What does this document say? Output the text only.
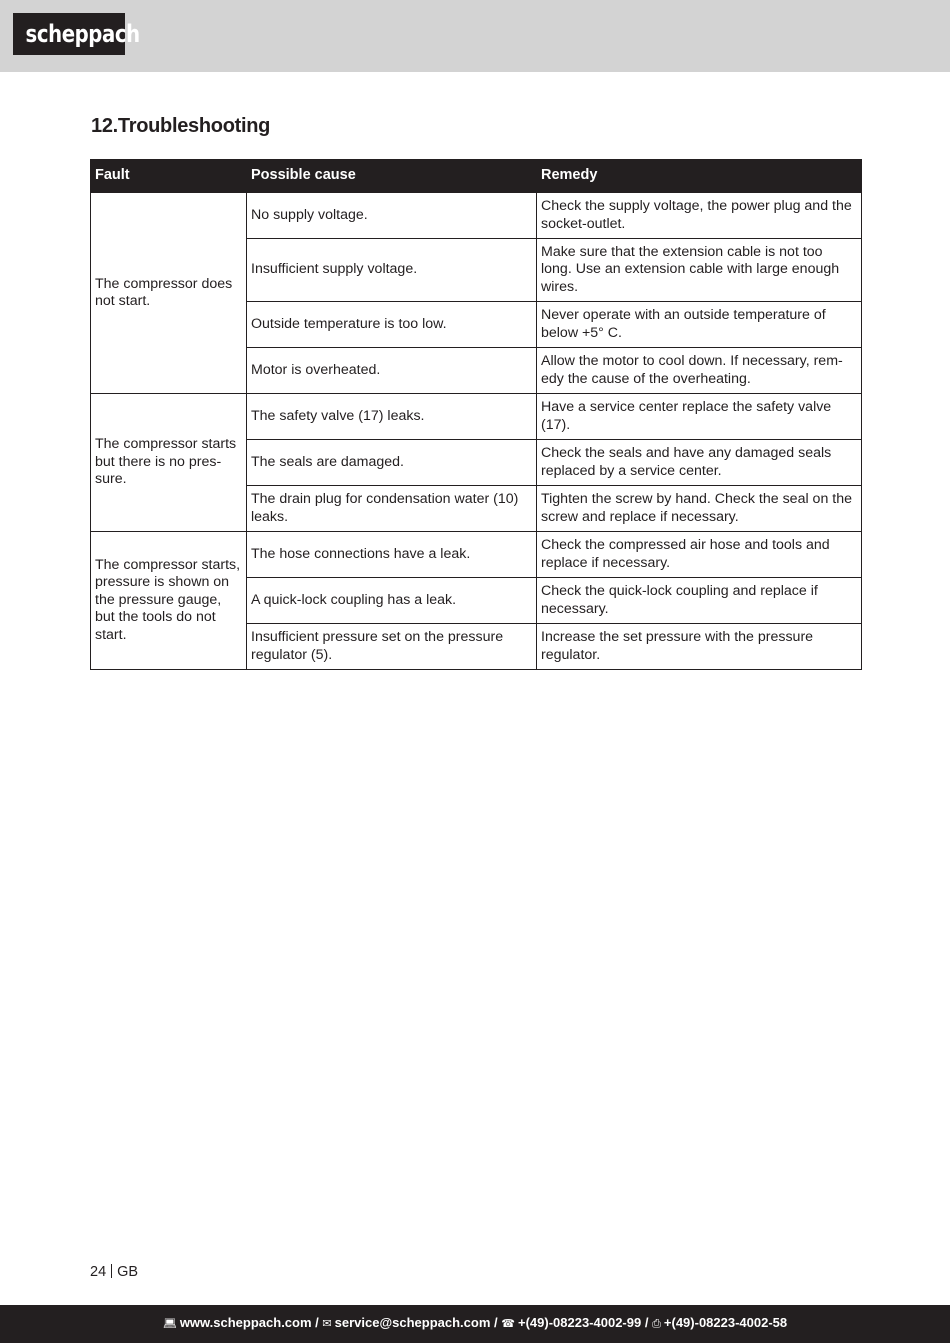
scheppach
12.Troubleshooting
Fault	Possible cause	Remedy
The compressor does not start.	No supply voltage.	Check the supply voltage, the power plug and the socket-outlet.
	Insufficient supply voltage.	Make sure that the extension cable is not too long. Use an extension cable with large enough wires.
	Outside temperature is too low.	Never operate with an outside temperature of below +5° C.
	Motor is overheated.	Allow the motor to cool down. If necessary, rem-edy the cause of the overheating.
The compressor starts but there is no pres-sure.	The safety valve (17) leaks.	Have a service center replace the safety valve (17).
	The seals are damaged.	Check the seals and have any damaged seals replaced by a service center.
	The drain plug for condensation water (10) leaks.	Tighten the screw by hand. Check the seal on the screw and replace if necessary.
The compressor starts, pressure is shown on the pressure gauge, but the tools do not start.	The hose connections have a leak.	Check the compressed air hose and tools and replace if necessary.
	A quick-lock coupling has a leak.	Check the quick-lock coupling and replace if necessary.
	Insufficient pressure set on the pressure regulator (5).	Increase the set pressure with the pressure regulator.
24 GB
💻︎ www.scheppach.com / ✉ service@scheppach.com / ☎ +(49)-08223-4002-99 / ⎙ +(49)-08223-4002-58
